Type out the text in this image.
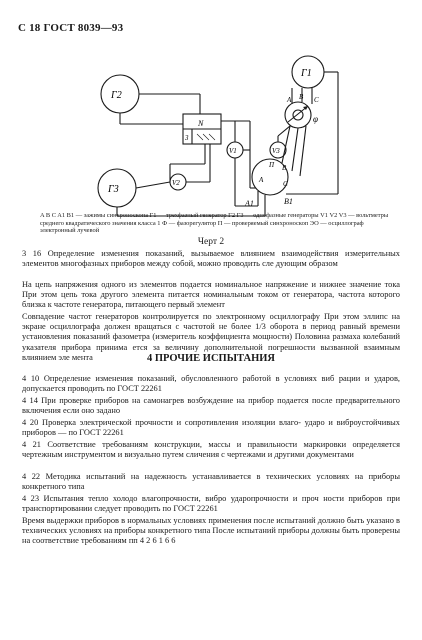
С 18 ГОСТ 8039—93
Г1
Г2
Г3
N
3
V1
V2
V3
φ
A B C
A
B
C
П
A1	B1
A B C A1 B1 — зажимы синхроноскопа Г1 — трехфазный генератор Г2 Г3 — однофазные генераторы V1 V2 V3 — вольтметры среднего квадратического значения класса 1 Ф — фазорегулятор П — проверяемый синхроноскоп ЭО — осциллограф электронный лучевой
Черт 2
3 16 Определение изменения показаний, вызываемое влиянием взаимодействия измерительных элементов многофазных приборов между собой, можно проводить сле дующим образом
На цепь напряжения одного из элементов подается номинальное напряжение и нижнее значение тока При этом цепь тока другого элемента питается номинальным током от генератора, частота которого близка к частоте генератора, питающего первый элемент
Совпадение частот генераторов контролируется по электронному осциллографу При этом эллипс на экране осциллографа должен вращаться с частотой не более 1/3 оборота в период равный времени установления показаний фазометра (измеритель коэффициента мощности) Половина размаха колебаний указателя прибора принима ется за величину дополнительной погрешности вызванной взаимным влиянием эле мента	4 ПРОЧИЕ ИСПЫТАНИЯ
4 10 Определение изменения показаний, обусловленного работой в условиях виб рации и ударов, допускается проводить по ГОСТ 22261
4 14 При проверке приборов на самонагрев возбуждение на прибор подается после предварительного включения если оно задано
4 20 Проверка электрической прочности и сопротивления изоляции влаго- ударо и виброустойчивых приборов — по ГОСТ 22261
4 21 Соответствие требованиям конструкции, массы и правильности маркировки определяется чертежным инструментом и визуально путем сличения с чертежами и другими документами
4 22 Методика испытаний на надежность устанавливается в технических условиях на приборы конкретного типа
4 23 Испытания тепло холодо влагопрочности, вибро ударопрочности и проч ности приборов при транспортировании следует проводить по ГОСТ 22261
Время выдержки приборов в нормальных условиях применения после испытаний должно быть указано в технических условиях на приборы конкретного типа После испытаний приборы должны быть проверены на соответствие требованиям пп 4 2 6 1 6 6
